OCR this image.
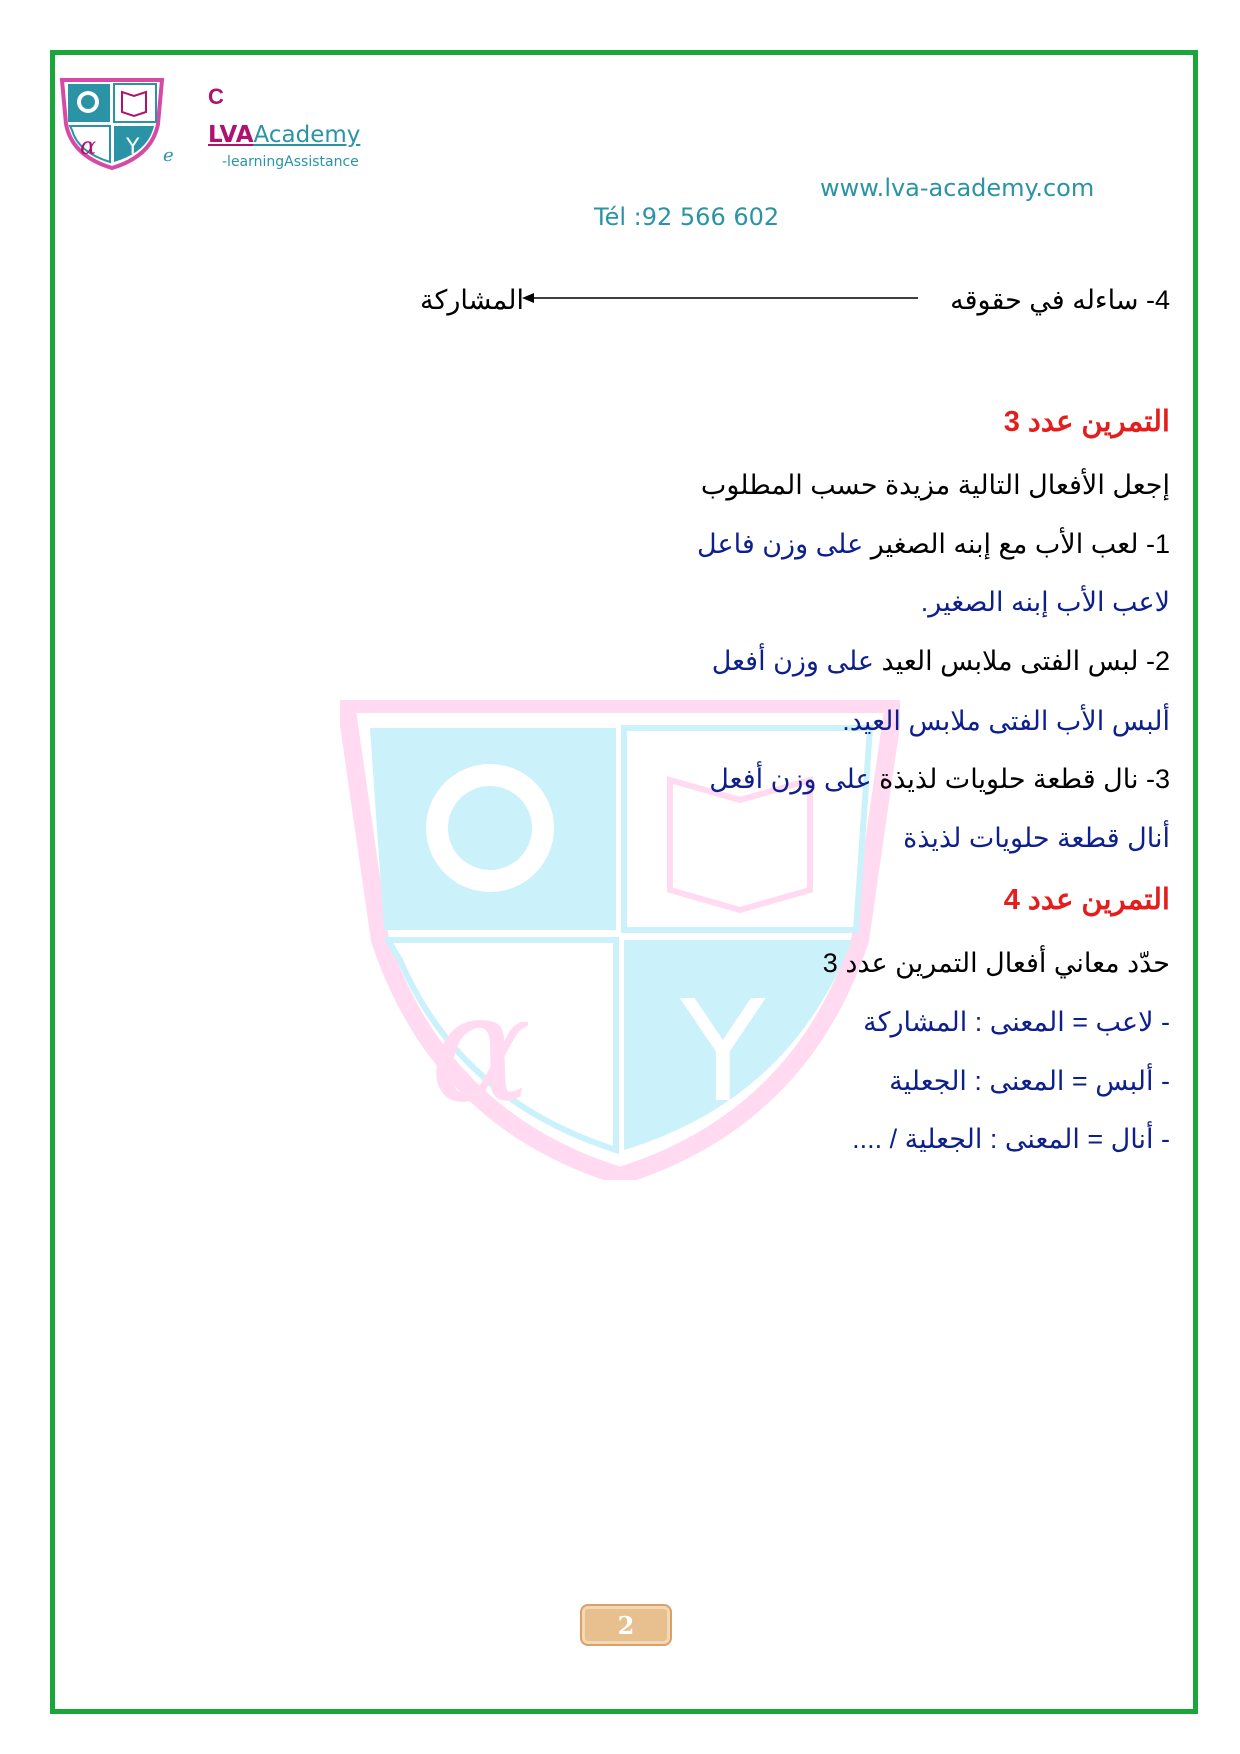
α Y
C
LVAAcademy
e	-learningAssistance
www.lva-academy.com
Tél :92 566 602
α Y
4- ساءله في حقوقه
المشاركة
التمرين عدد 3
إجعل الأفعال التالية مزيدة حسب المطلوب
1- لعب الأب مع إبنه الصغير على وزن فاعل
لاعب الأب إبنه الصغير.
2- لبس الفتى ملابس العيد على وزن أفعل
ألبس الأب الفتى ملابس العيد.
3- نال قطعة حلويات لذيذة على وزن أفعل
أنال قطعة حلويات لذيذة
التمرين عدد 4
حدّد معاني أفعال التمرين عدد 3
- لاعب = المعنى : المشاركة
- ألبس = المعنى : الجعلية
- أنال = المعنى : الجعلية / ....
2
